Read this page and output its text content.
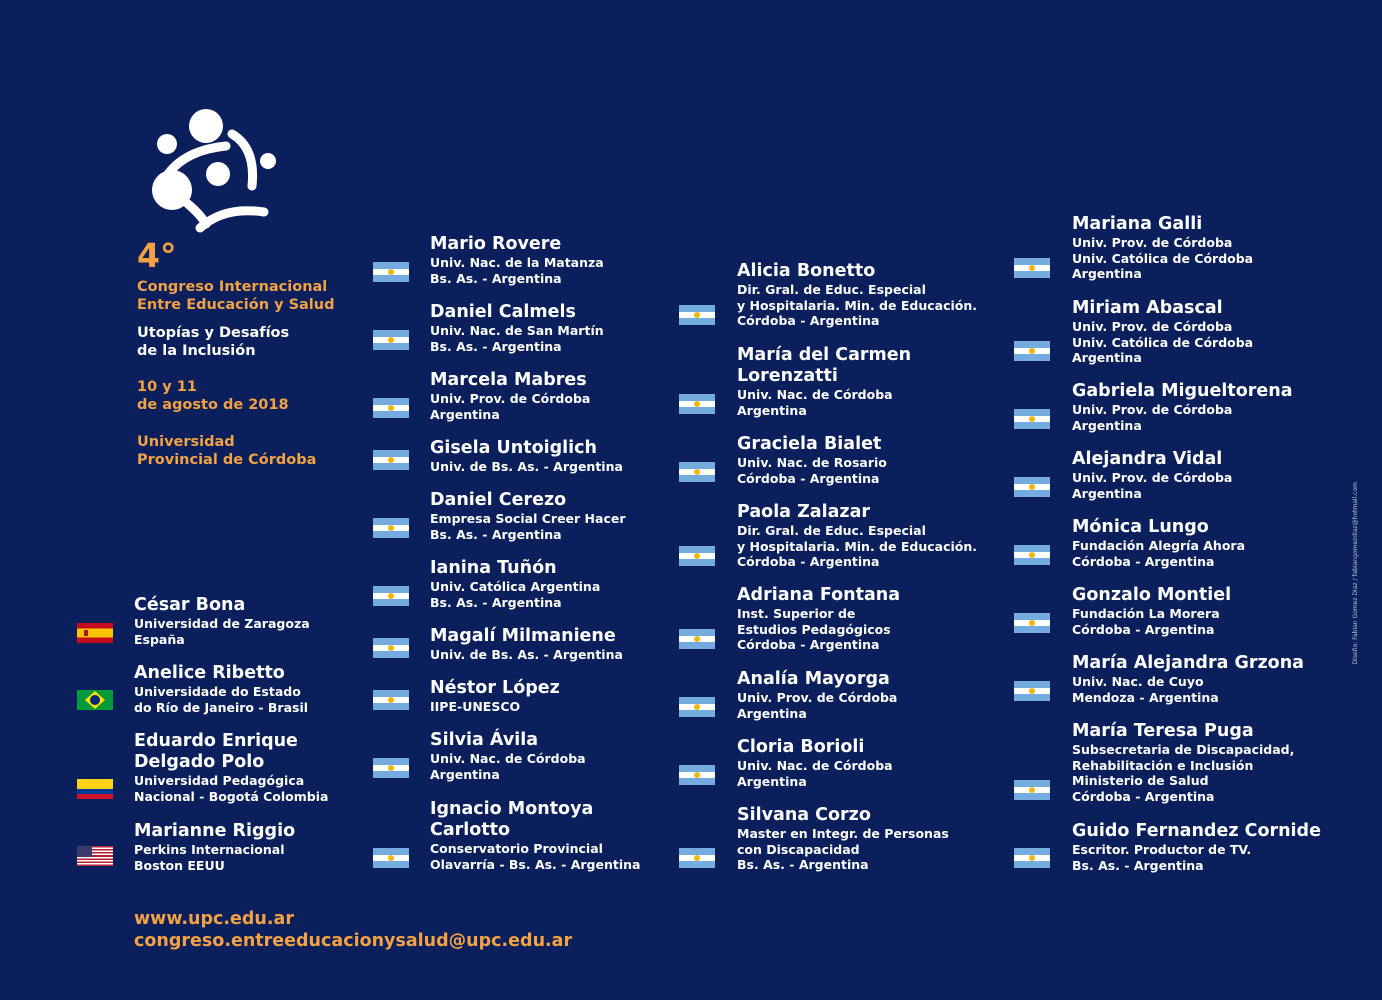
4°
Congreso Internacional
Entre Educación y Salud
Utopías y Desafíos
de la Inclusión
10 y 11
de agosto de 2018
Universidad
Provincial de Córdoba
César Bona
Universidad de Zaragoza
España
Anelice Ribetto
Universidade do Estado
do Río de Janeiro - Brasil
Eduardo Enrique
Delgado Polo
Universidad Pedagógica
Nacional - Bogotá Colombia
Marianne Riggio
Perkins Internacional
Boston EEUU
Mario Rovere
Univ. Nac. de la Matanza
Bs. As. - Argentina
Daniel Calmels
Univ. Nac. de San Martín
Bs. As. - Argentina
Marcela Mabres
Univ. Prov. de Córdoba
Argentina
Gisela Untoiglich
Univ. de Bs. As. - Argentina
Daniel Cerezo
Empresa Social Creer Hacer
Bs. As. - Argentina
Ianina Tuñón
Univ. Católica Argentina
Bs. As. - Argentina
Magalí Milmaniene
Univ. de Bs. As. - Argentina
Néstor López
IIPE-UNESCO
Silvia Ávila
Univ. Nac. de Córdoba
Argentina
Ignacio Montoya
Carlotto
Conservatorio Provincial
Olavarría - Bs. As. - Argentina
Alicia Bonetto
Dir. Gral. de Educ. Especial
y Hospitalaria. Min. de Educación.
Córdoba - Argentina
María del Carmen
Lorenzatti
Univ. Nac. de Córdoba
Argentina
Graciela Bialet
Univ. Nac. de Rosario
Córdoba - Argentina
Paola Zalazar
Dir. Gral. de Educ. Especial
y Hospitalaria. Min. de Educación.
Córdoba - Argentina
Adriana Fontana
Inst. Superior de
Estudios Pedagógicos
Córdoba - Argentina
Analía Mayorga
Univ. Prov. de Córdoba
Argentina
Cloria Borioli
Univ. Nac. de Córdoba
Argentina
Silvana Corzo
Master en Integr. de Personas
con Discapacidad
Bs. As. - Argentina
Mariana Galli
Univ. Prov. de Córdoba
Univ. Católica de Córdoba
Argentina
Miriam Abascal
Univ. Prov. de Córdoba
Univ. Católica de Córdoba
Argentina
Gabriela Migueltorena
Univ. Prov. de Córdoba
Argentina
Alejandra Vidal
Univ. Prov. de Córdoba
Argentina
Mónica Lungo
Fundación Alegría Ahora
Córdoba - Argentina
Gonzalo Montiel
Fundación La Morera
Córdoba - Argentina
María Alejandra Grzona
Univ. Nac. de Cuyo
Mendoza - Argentina
María Teresa Puga
Subsecretaria de Discapacidad,
Rehabilitación e Inclusión
Ministerio de Salud
Córdoba - Argentina
Guido Fernandez Cornide
Escritor. Productor de TV.
Bs. As. - Argentina
www.upc.edu.ar
congreso.entreeducacionysalud@upc.edu.ar
Diseño: Fabian Gomez Diaz / fabiangomezdiaz@hotmail.com
